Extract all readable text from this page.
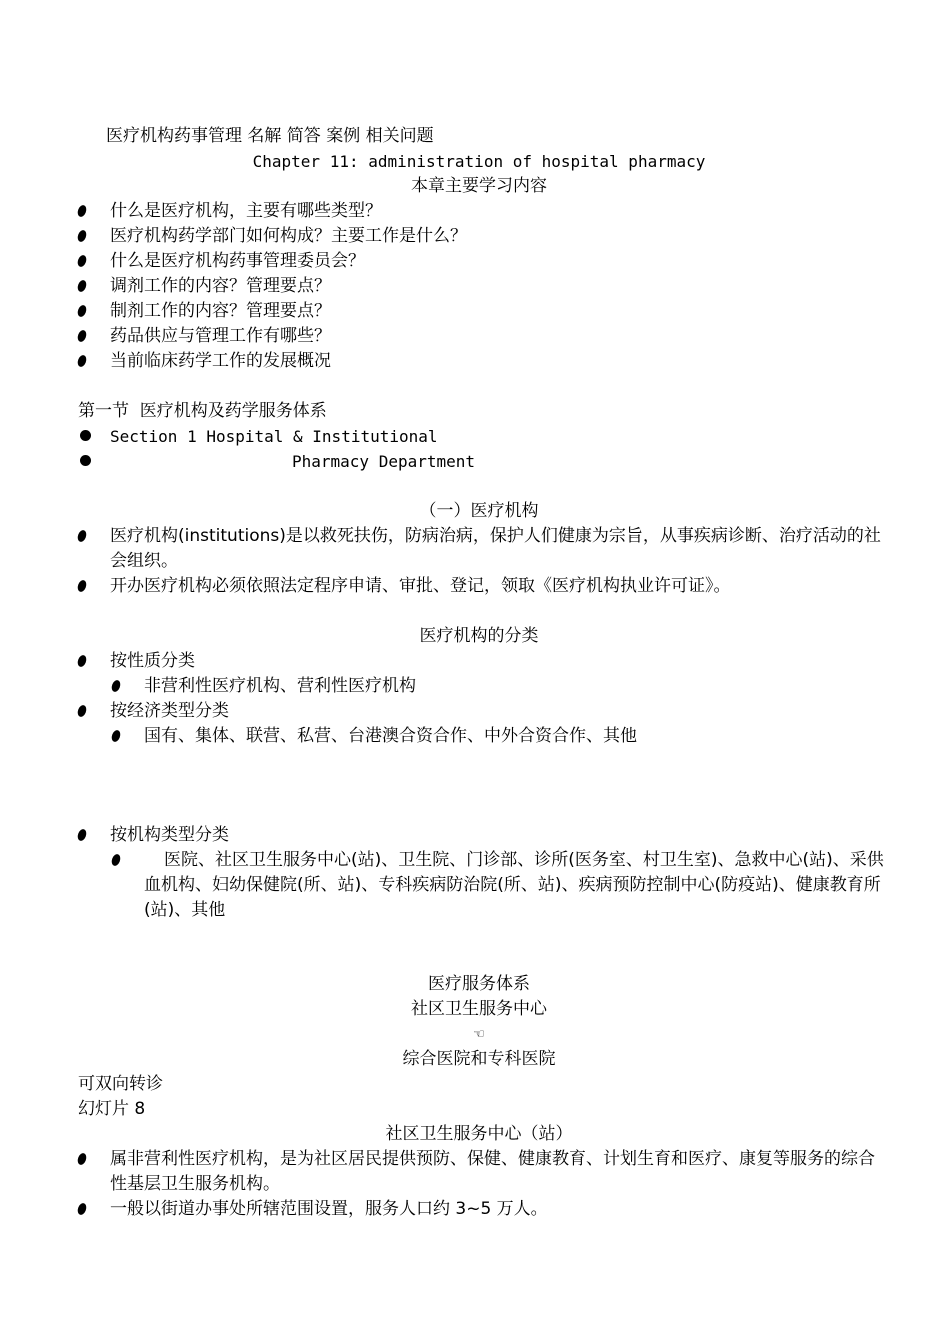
医疗机构药事管理 名解 简答 案例 相关问题
Chapter 11: administration of hospital pharmacy
本章主要学习内容
什么是医疗机构，主要有哪些类型？
医疗机构药学部门如何构成？主要工作是什么？
什么是医疗机构药事管理委员会？
调剂工作的内容？管理要点？
制剂工作的内容？管理要点？
药品供应与管理工作有哪些？
当前临床药学工作的发展概况
第一节  医疗机构及药学服务体系
Section 1 Hospital & Institutional
Pharmacy Department
（一）医疗机构
医疗机构(institutions)是以救死扶伤，防病治病，保护人们健康为宗旨，从事疾病诊断、治疗活动的社会组织。
开办医疗机构必须依照法定程序申请、审批、登记，领取《医疗机构执业许可证》。
医疗机构的分类
按性质分类
非营利性医疗机构、营利性医疗机构
按经济类型分类
国有、集体、联营、私营、台港澳合资合作、中外合资合作、其他
按机构类型分类
医院、社区卫生服务中心(站)、卫生院、门诊部、诊所(医务室、村卫生室)、急救中心(站)、采供血机构、妇幼保健院(所、站)、专科疾病防治院(所、站)、疾病预防控制中心(防疫站)、健康教育所(站)、其他
医疗服务体系
社区卫生服务中心
☜
综合医院和专科医院
可双向转诊
幻灯片 8
社区卫生服务中心（站）
属非营利性医疗机构，是为社区居民提供预防、保健、健康教育、计划生育和医疗、康复等服务的综合性基层卫生服务机构。
一般以街道办事处所辖范围设置，服务人口约 3~5 万人。
